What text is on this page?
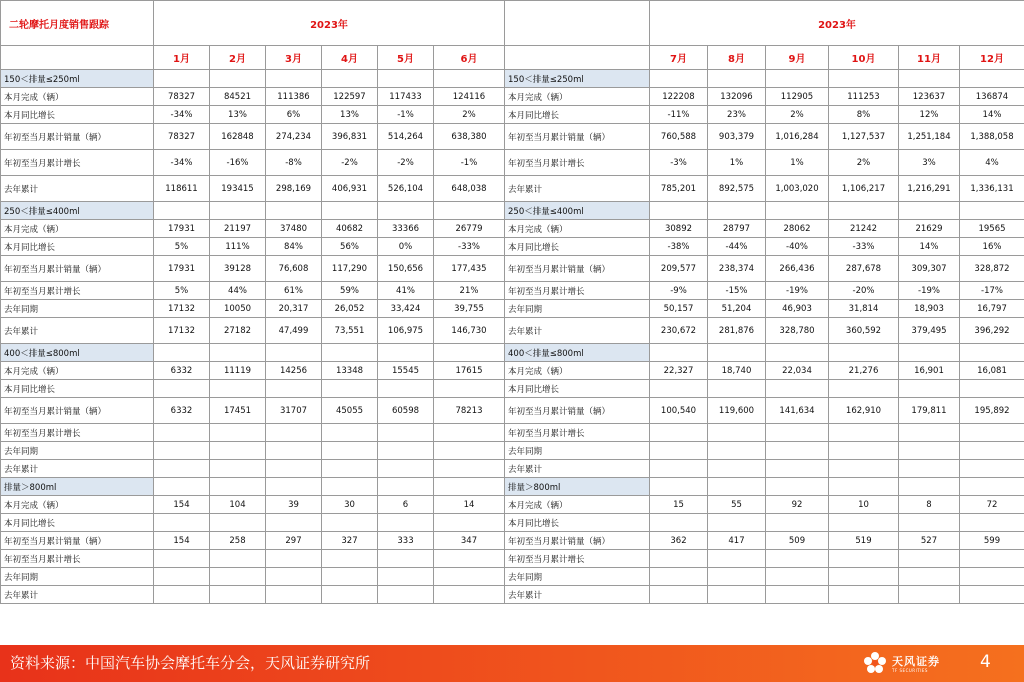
二轮摩托月度销售跟踪	2023年							2023年					
	1月	2月	3月	4月	5月	6月		7月	8月	9月	10月	11月	12月
150＜排量≤250ml							150＜排量≤250ml						
本月完成（辆）	78327	84521	111386	122597	117433	124116	本月完成（辆）	122208	132096	112905	111253	123637	136874
本月同比增长	-34%	13%	6%	13%	-1%	2%	本月同比增长	-11%	23%	2%	8%	12%	14%
年初至当月累计销量（辆）	78327	162848	274,234	396,831	514,264	638,380	年初至当月累计销量（辆）	760,588	903,379	1,016,284	1,127,537	1,251,184	1,388,058
年初至当月累计增长	-34%	-16%	-8%	-2%	-2%	-1%	年初至当月累计增长	-3%	1%	1%	2%	3%	4%
去年累计	118611	193415	298,169	406,931	526,104	648,038	去年累计	785,201	892,575	1,003,020	1,106,217	1,216,291	1,336,131
250＜排量≤400ml							250＜排量≤400ml						
本月完成（辆）	17931	21197	37480	40682	33366	26779	本月完成（辆）	30892	28797	28062	21242	21629	19565
本月同比增长	5%	111%	84%	56%	0%	-33%	本月同比增长	-38%	-44%	-40%	-33%	14%	16%
年初至当月累计销量（辆）	17931	39128	76,608	117,290	150,656	177,435	年初至当月累计销量（辆）	209,577	238,374	266,436	287,678	309,307	328,872
年初至当月累计增长	5%	44%	61%	59%	41%	21%	年初至当月累计增长	-9%	-15%	-19%	-20%	-19%	-17%
去年同期	17132	10050	20,317	26,052	33,424	39,755	去年同期	50,157	51,204	46,903	31,814	18,903	16,797
去年累计	17132	27182	47,499	73,551	106,975	146,730	去年累计	230,672	281,876	328,780	360,592	379,495	396,292
400＜排量≤800ml							400＜排量≤800ml						
本月完成（辆）	6332	11119	14256	13348	15545	17615	本月完成（辆）	22,327	18,740	22,034	21,276	16,901	16,081
本月同比增长							本月同比增长						
年初至当月累计销量（辆）	6332	17451	31707	45055	60598	78213	年初至当月累计销量（辆）	100,540	119,600	141,634	162,910	179,811	195,892
年初至当月累计增长							年初至当月累计增长						
去年同期							去年同期						
去年累计							去年累计						
排量＞800ml							排量＞800ml						
本月完成（辆）	154	104	39	30	6	14	本月完成（辆）	15	55	92	10	8	72
本月同比增长							本月同比增长						
年初至当月累计销量（辆）	154	258	297	327	333	347	年初至当月累计销量（辆）	362	417	509	519	527	599
年初至当月累计增长							年初至当月累计增长						
去年同期							去年同期						
去年累计							去年累计						
资料来源：中国汽车协会摩托车分会，天风证券研究所	天风证券
TF SECURITIES	4
